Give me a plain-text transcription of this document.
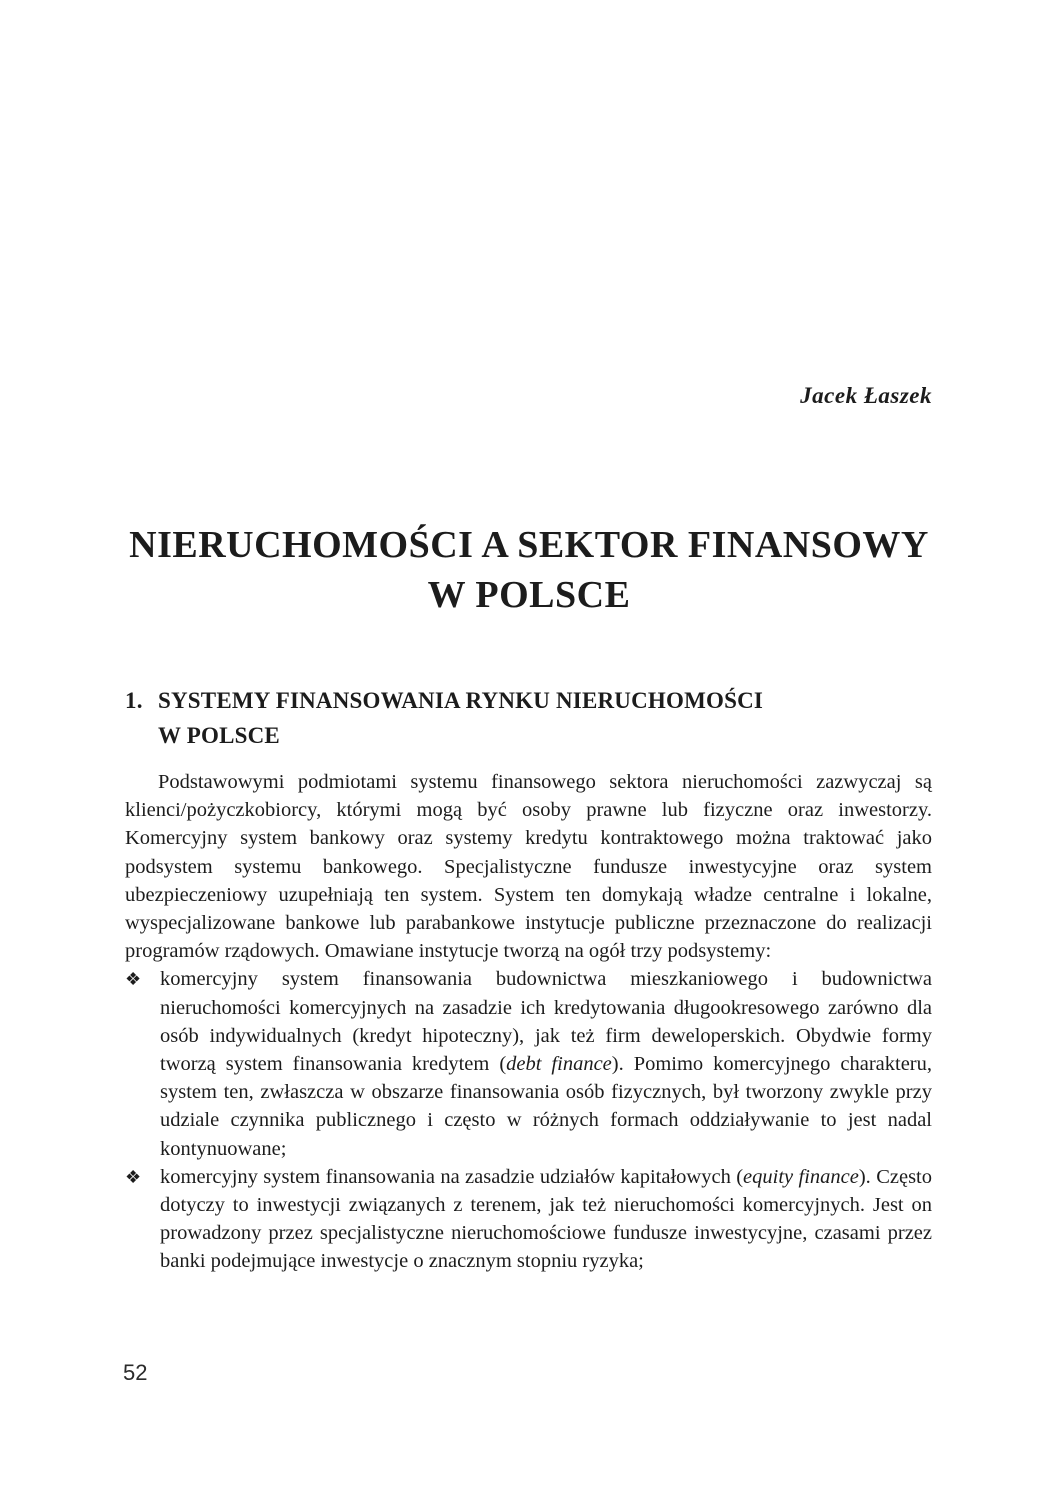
Jacek Łaszek
NIERUCHOMOŚCI A SEKTOR FINANSOWY
W POLSCE
1. SYSTEMY FINANSOWANIA RYNKU NIERUCHOMOŚCI
W POLSCE

Podstawowymi podmiotami systemu finansowego sektora nieruchomości zazwyczaj są klienci/pożyczkobiorcy, którymi mogą być osoby prawne lub fizyczne oraz inwestorzy. Komercyjny system bankowy oraz systemy kredytu kontraktowego można traktować jako podsystem systemu bankowego. Specjalistyczne fundusze inwestycyjne oraz system ubezpieczeniowy uzupełniają ten system. System ten domykają władze centralne i lokalne, wyspecjalizowane bankowe lub parabankowe instytucje publiczne przeznaczone do realizacji programów rządowych. Omawiane instytucje tworzą na ogół trzy podsystemy:

❖ komercyjny system finansowania budownictwa mieszkaniowego i budownictwa nieruchomości komercyjnych na zasadzie ich kredytowania długookresowego zarówno dla osób indywidualnych (kredyt hipoteczny), jak też firm deweloperskich. Obydwie formy tworzą system finansowania kredytem (debt finance). Pomimo komercyjnego charakteru, system ten, zwłaszcza w obszarze finansowania osób fizycznych, był tworzony zwykle przy udziale czynnika publicznego i często w różnych formach oddziaływanie to jest nadal kontynuowane;
❖ komercyjny system finansowania na zasadzie udziałów kapitałowych (equity finance). Często dotyczy to inwestycji związanych z terenem, jak też nieruchomości komercyjnych. Jest on prowadzony przez specjalistyczne nieruchomościowe fundusze inwestycyjne, czasami przez banki podejmujące inwestycje o znacznym stopniu ryzyka;
52
